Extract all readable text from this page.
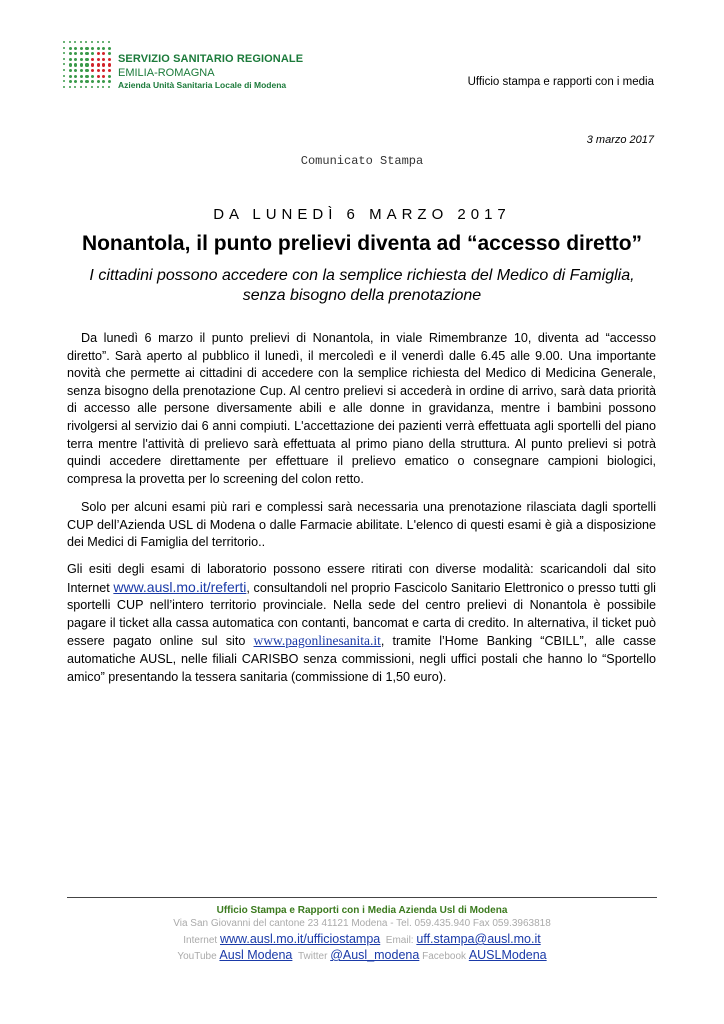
SERVIZIO SANITARIO REGIONALE
EMILIA-ROMAGNA
Azienda Unità Sanitaria Locale di Modena	Ufficio stampa e rapporti con i media
3 marzo 2017
Comunicato Stampa
DA LUNEDÌ 6 MARZO 2017
Nonantola, il punto prelievi diventa ad “accesso diretto”
I cittadini possono accedere con la semplice richiesta del Medico di Famiglia, senza bisogno della prenotazione
Da lunedì 6 marzo il punto prelievi di Nonantola, in viale Rimembranze 10, diventa ad “accesso diretto”. Sarà aperto al pubblico il lunedì, il mercoledì e il venerdì dalle 6.45 alle 9.00. Una importante novità che permette ai cittadini di accedere con la semplice richiesta del Medico di Medicina Generale, senza bisogno della prenotazione Cup. Al centro prelievi si accederà in ordine di arrivo, sarà data priorità di accesso alle persone diversamente abili e alle donne in gravidanza, mentre i bambini possono rivolgersi al servizio dai 6 anni compiuti. L'accettazione dei pazienti verrà effettuata agli sportelli del piano terra mentre l'attività di prelievo sarà effettuata al primo piano della struttura. Al punto prelievi si potrà quindi accedere direttamente per effettuare il prelievo ematico o consegnare campioni biologici, compresa la provetta per lo screening del colon retto.
Solo per alcuni esami più rari e complessi sarà necessaria una prenotazione rilasciata dagli sportelli CUP dell’Azienda USL di Modena o dalle Farmacie abilitate. L'elenco di questi esami è già a disposizione dei Medici di Famiglia del territorio..
Gli esiti degli esami di laboratorio possono essere ritirati con diverse modalità: scaricandoli dal sito Internet www.ausl.mo.it/referti, consultandoli nel proprio Fascicolo Sanitario Elettronico o presso tutti gli sportelli CUP nell’intero territorio provinciale. Nella sede del centro prelievi di Nonantola è possibile pagare il ticket alla cassa automatica con contanti, bancomat e carta di credito. In alternativa, il ticket può essere pagato online sul sito www.pagonlinesanita.it, tramite l’Home Banking “CBILL”, alle casse automatiche AUSL, nelle filiali CARISBO senza commissioni, negli uffici postali che hanno lo “Sportello amico” presentando la tessera sanitaria (commissione di 1,50 euro).
Ufficio Stampa e Rapporti con i Media Azienda Usl di Modena
Via San Giovanni del cantone 23 41121 Modena - Tel. 059.435.940 Fax 059.3963818
Internet www.ausl.mo.it/ufficiostampa Email: uff.stampa@ausl.mo.it
YouTube Ausl Modena Twitter @Ausl_modena Facebook AUSLModena
